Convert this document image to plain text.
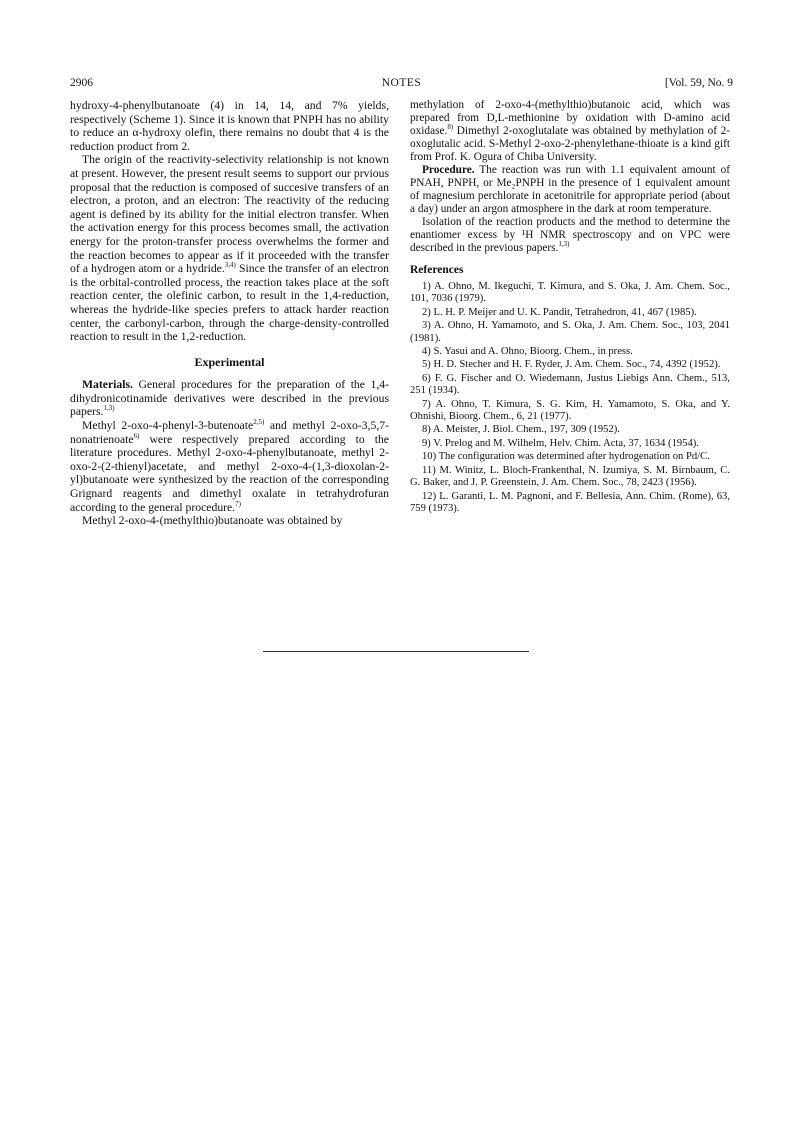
2906	NOTES	[Vol. 59, No. 9

hydroxy-4-phenylbutanoate (4) in 14, 14, and 7% yields, respectively (Scheme 1). Since it is known that PNPH has no ability to reduce an α-hydroxy olefin, there remains no doubt that 4 is the reduction product from 2.

The origin of the reactivity-selectivity relationship is not known at present. However, the present result seems to support our prvious proposal that the reduction is composed of succesive transfers of an electron, a proton, and an electron: The reactivity of the reducing agent is defined by its ability for the initial electron transfer. When the activation energy for this process becomes small, the activation energy for the proton-transfer process overwhelms the former and the reaction becomes to appear as if it proceeded with the transfer of a hydrogen atom or a hydride.$^{3,4)}$ Since the transfer of an electron is the orbital-controlled process, the reaction takes place at the soft reaction center, the olefinic carbon, to result in the 1,4-reduction, whereas the hydride-like species prefers to attack harder reaction center, the carbonyl-carbon, through the charge-density-controlled reaction to result in the 1,2-reduction.

Experimental

Materials. General procedures for the preparation of the 1,4-dihydronicotinamide derivatives were described in the previous papers.$^{1,3)}$

Methyl 2-oxo-4-phenyl-3-butenoate$^{2,5)}$ and methyl 2-oxo-3,5,7-nonatrienoate$^{6)}$ were respectively prepared according to the literature procedures. Methyl 2-oxo-4-phenylbutanoate, methyl 2-oxo-2-(2-thienyl)acetate, and methyl 2-oxo-4-(1,3-dioxolan-2-yl)butanoate were synthesized by the reaction of the corresponding Grignard reagents and dimethyl oxalate in tetrahydrofuran according to the general procedure.$^{7)}$

Methyl 2-oxo-4-(methylthio)butanoate was obtained by

methylation of 2-oxo-4-(methylthio)butanoic acid, which was prepared from D,L-methionine by oxidation with D-amino acid oxidase.$^{8)}$ Dimethyl 2-oxoglutalate was obtained by methylation of 2-oxoglutalic acid. S-Methyl 2-oxo-2-phenylethane-thioate is a kind gift from Prof. K. Ogura of Chiba University.

Procedure. The reaction was run with 1.1 equivalent amount of PNAH, PNPH, or Me₂PNPH in the presence of 1 equivalent amount of magnesium perchlorate in acetonitrile for appropriate period (about a day) under an argon atmosphere in the dark at room temperature.

Isolation of the reaction products and the method to determine the enantiomer excess by ¹H NMR spectroscopy and on VPC were described in the previous papers.$^{1,3)}$

References

1) A. Ohno, M. Ikeguchi, T. Kimura, and S. Oka, J. Am. Chem. Soc., 101, 7036 (1979).

2) L. H. P. Meijer and U. K. Pandit, Tetrahedron, 41, 467 (1985).

3) A. Ohno, H. Yamamoto, and S. Oka, J. Am. Chem. Soc., 103, 2041 (1981).

4) S. Yasui and A. Ohno, Bioorg. Chem., in press.

5) H. D. Stecher and H. F. Ryder, J. Am. Chem. Soc., 74, 4392 (1952).

6) F. G. Fischer and O. Wiedemann, Justus Liebigs Ann. Chem., 513, 251 (1934).

7) A. Ohno, T. Kimura, S. G. Kim, H. Yamamoto, S. Oka, and Y. Ohnishi, Bioorg. Chem., 6, 21 (1977).

8) A. Meister, J. Biol. Chem., 197, 309 (1952).

9) V. Prelog and M. Wilhelm, Helv. Chim. Acta, 37, 1634 (1954).

10) The configuration was determined after hydrogenation on Pd/C.

11) M. Winitz, L. Bloch-Frankenthal, N. Izumiya, S. M. Birnbaum, C. G. Baker, and J. P. Greenstein, J. Am. Chem. Soc., 78, 2423 (1956).

12) L. Garanti, L. M. Pagnoni, and F. Bellesia, Ann. Chim. (Rome), 63, 759 (1973).
